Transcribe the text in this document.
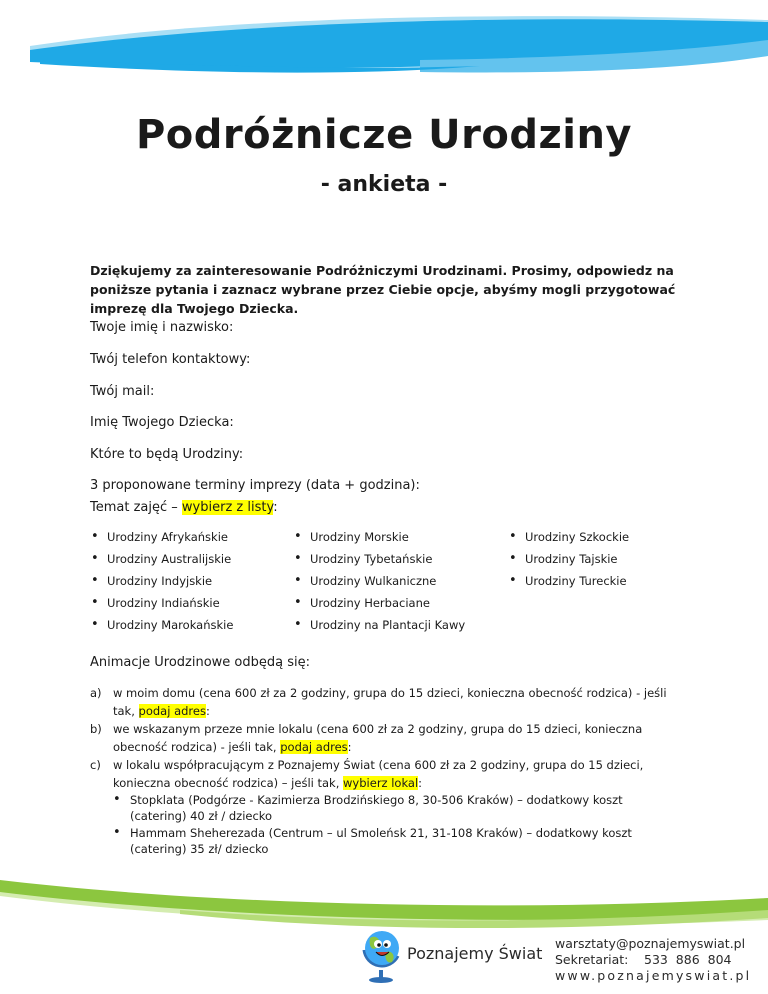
Podróżnicze Urodziny
- ankieta -
Dziękujemy za zainteresowanie Podróżniczymi Urodzinami. Prosimy, odpowiedz na poniższe pytania i zaznacz wybrane przez Ciebie opcje, abyśmy mogli przygotować imprezę dla Twojego Dziecka.
Twoje imię i nazwisko:
Twój telefon kontaktowy:
Twój mail:
Imię Twojego Dziecka:
Które to będą Urodziny:
3 proponowane terminy imprezy (data + godzina):
Temat zajęć – wybierz z listy:
• Urodziny Afrykańskie	• Urodziny Morskie	• Urodziny Szkockie
• Urodziny Australijskie	• Urodziny Tybetańskie	• Urodziny Tajskie
• Urodziny Indyjskie	• Urodziny Wulkaniczne	• Urodziny Tureckie
• Urodziny Indiańskie	• Urodziny Herbaciane
• Urodziny Marokańskie	• Urodziny na Plantacji Kawy
Animacje Urodzinowe odbędą się:
a) w moim domu (cena 600 zł za 2 godziny, grupa do 15 dzieci, konieczna obecność rodzica) - jeśli tak, podaj adres:
b) we wskazanym przeze mnie lokalu (cena 600 zł za 2 godziny, grupa do 15 dzieci, konieczna obecność rodzica) - jeśli tak, podaj adres:
c) w lokalu współpracującym z Poznajemy Świat (cena 600 zł za 2 godziny, grupa do 15 dzieci, konieczna obecność rodzica) – jeśli tak, wybierz lokal:
• Stopklata (Podgórze - Kazimierza Brodzińskiego 8, 30-506 Kraków) – dodatkowy koszt (catering) 40 zł / dziecko
• Hammam Sheherezada (Centrum – ul Smoleńsk 21, 31-108 Kraków) – dodatkowy koszt (catering) 35 zł/ dziecko
Poznajemy Świat
warsztaty@poznajemyswiat.pl
Sekretariat: 533  886  804
www.poznajemyswiat.pl
